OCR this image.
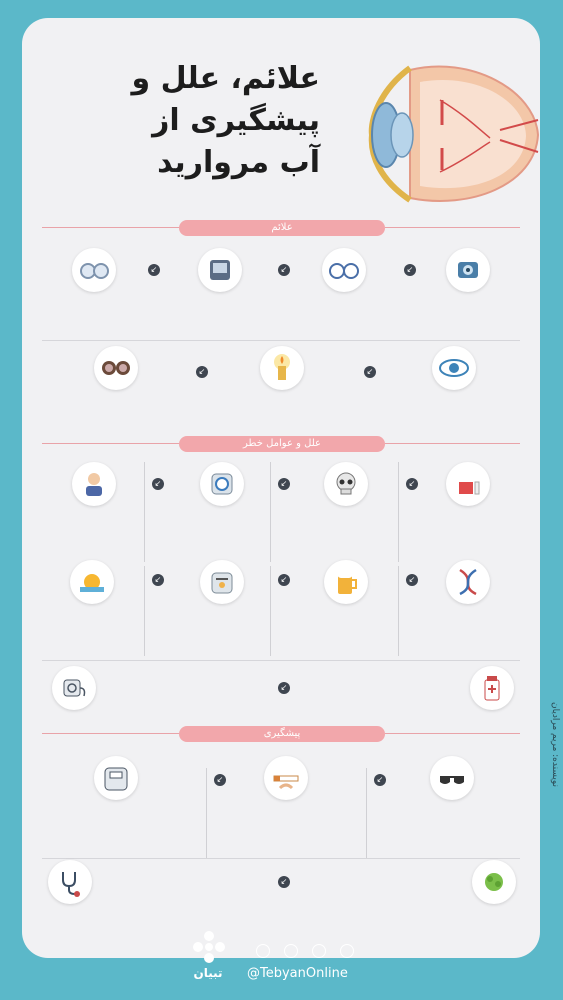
علائم، علل و
پیشگیری از
آب مروارید
علائم
↙
↙
↙
↙
↙
علل و عوامل خطر
↙
↙
↙
↙
↙
↙
↙
پیشگیری
↙
↙
↙
نویسنده: مریم مرادیان
تبیان	@TebyanOnline
